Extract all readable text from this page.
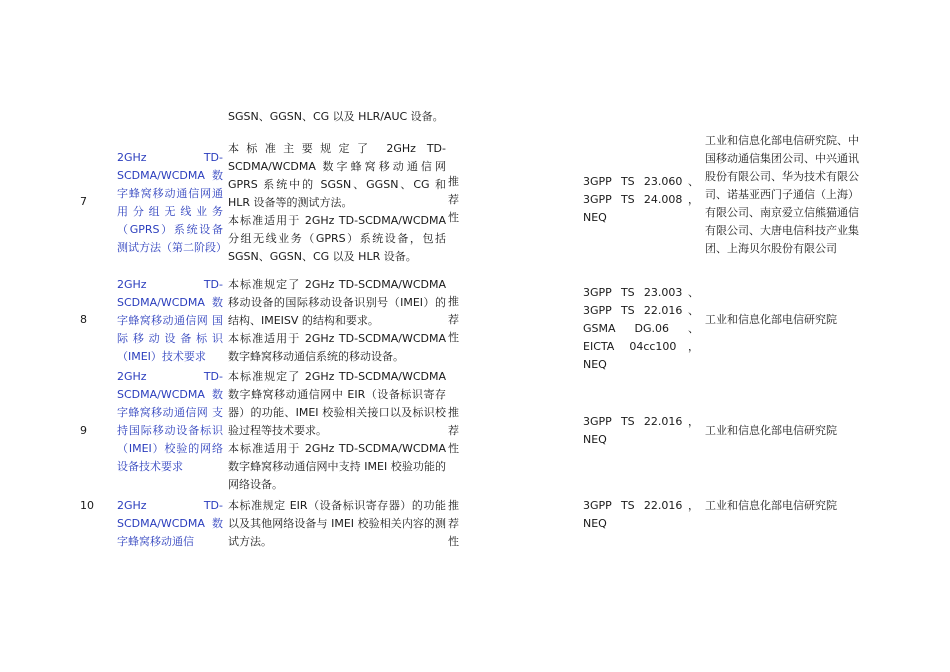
SGSN、GGSN、CG 以及 HLR/AUC 设备。
7
2GHz TD-SCDMA/WCDMA 数字蜂窝移动通信网通用分组无线业务（GPRS）系统设备测试方法（第二阶段）

本标准主要规定了 2GHz TD-SCDMA/WCDMA 数字蜂窝移动通信网 GPRS 系统中的 SGSN、GGSN、CG 和 HLR 设备等的测试方法。

本标准适用于 2GHz TD-SCDMA/WCDMA 分组无线业务（GPRS）系统设备，包括 SGSN、GGSN、CG 以及 HLR 设备。

推荐性
3GPP TS 23.060、3GPP TS 24.008，NEQ
工业和信息化部电信研究院、中国移动通信集团公司、中兴通讯股份有限公司、华为技术有限公司、诺基亚西门子通信（上海）有限公司、南京爱立信熊猫通信有限公司、大唐电信科技产业集团、上海贝尔股份有限公司
8
2GHz TD-SCDMA/WCDMA 数字蜂窝移动通信网 国际移动设备标识（IMEI）技术要求

本标准规定了 2GHz TD-SCDMA/WCDMA 移动设备的国际移动设备识别号（IMEI）的结构、IMEISV 的结构和要求。

本标准适用于 2GHz TD-SCDMA/WCDMA 数字蜂窝移动通信系统的移动设备。

推荐性
3GPP TS 23.003、3GPP TS 22.016、GSMA DG.06 、 EICTA 04cc100，NEQ
工业和信息化部电信研究院
9
2GHz TD-SCDMA/WCDMA 数字蜂窝移动通信网 支持国际移动设备标识（IMEI）校验的网络设备技术要求

本标准规定了 2GHz TD-SCDMA/WCDMA 数字蜂窝移动通信网中 EIR（设备标识寄存器）的功能、IMEI 校验相关接口以及标识校验过程等技术要求。

本标准适用于 2GHz TD-SCDMA/WCDMA 数字蜂窝移动通信网中支持 IMEI 校验功能的网络设备。

推荐性
3GPP TS 22.016，NEQ
工业和信息化部电信研究院
10	2GHz TD-SCDMA/WCDMA 数字蜂窝移动通信

本标准规定 EIR（设备标识寄存器）的功能以及其他网络设备与 IMEI 校验相关内容的测试方法。

推荐性
3GPP TS 22.016，NEQ
工业和信息化部电信研究院
